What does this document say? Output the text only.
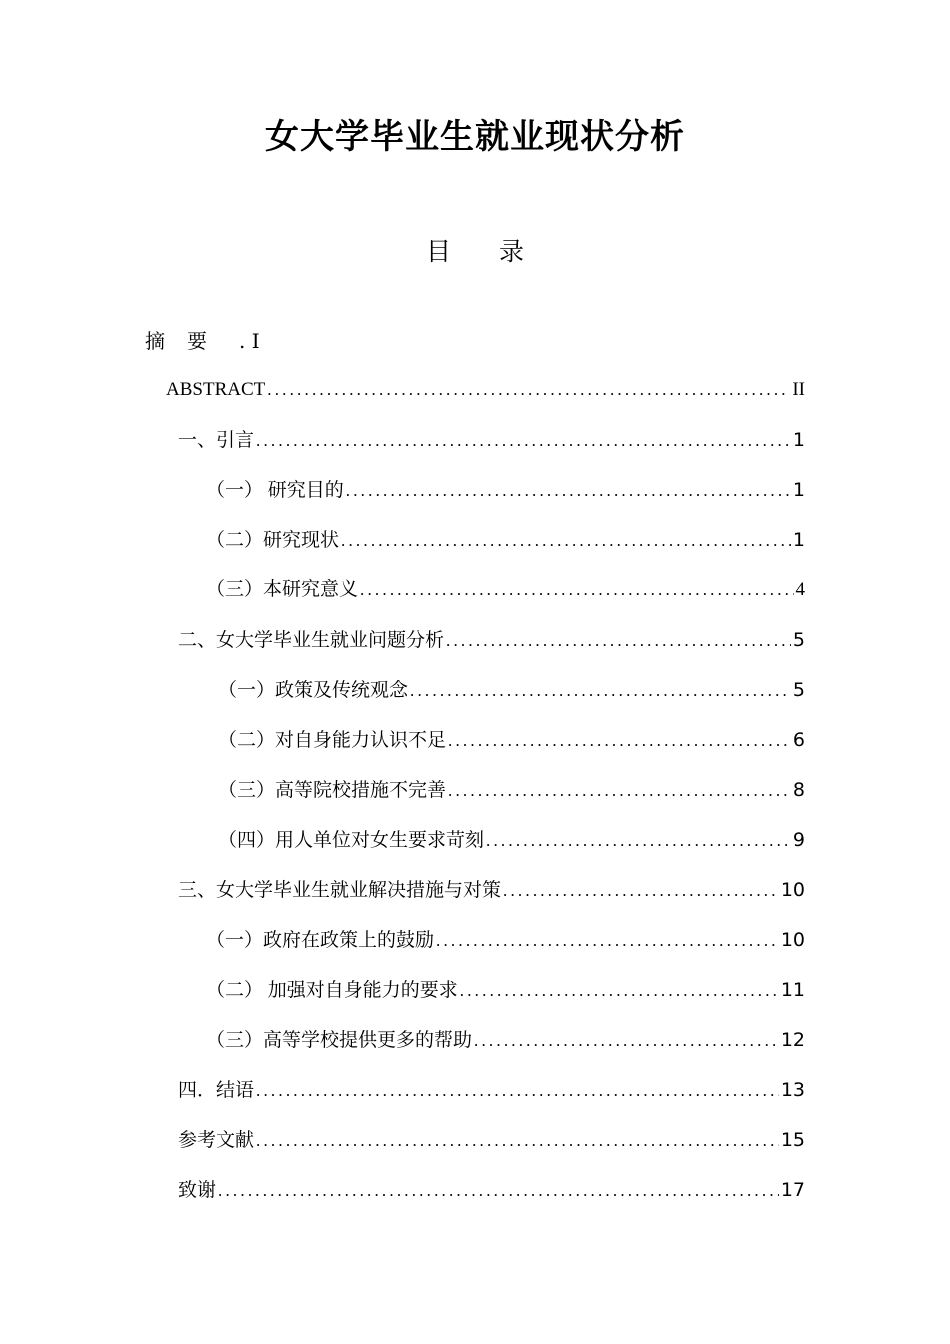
女大学毕业生就业现状分析
目 录
摘 要 . I
ABSTRACT .....	II
一、引言 .....	1
（一） 研究目的 .....	1
（二）研究现状 .....	1
（三）本研究意义 .....	4
二、女大学毕业生就业问题分析 .....	5
（一）政策及传统观念 .....	5
（二）对自身能力认识不足 .....	6
（三）高等院校措施不完善 .....	8
（四）用人单位对女生要求苛刻 .....	9
三、女大学毕业生就业解决措施与对策 .....	10
（一）政府在政策上的鼓励 .....	10
（二） 加强对自身能力的要求 .....	11
（三）高等学校提供更多的帮助 .....	12
四．结语 .....	13
参考文献 .....	15
致谢 .....	17
